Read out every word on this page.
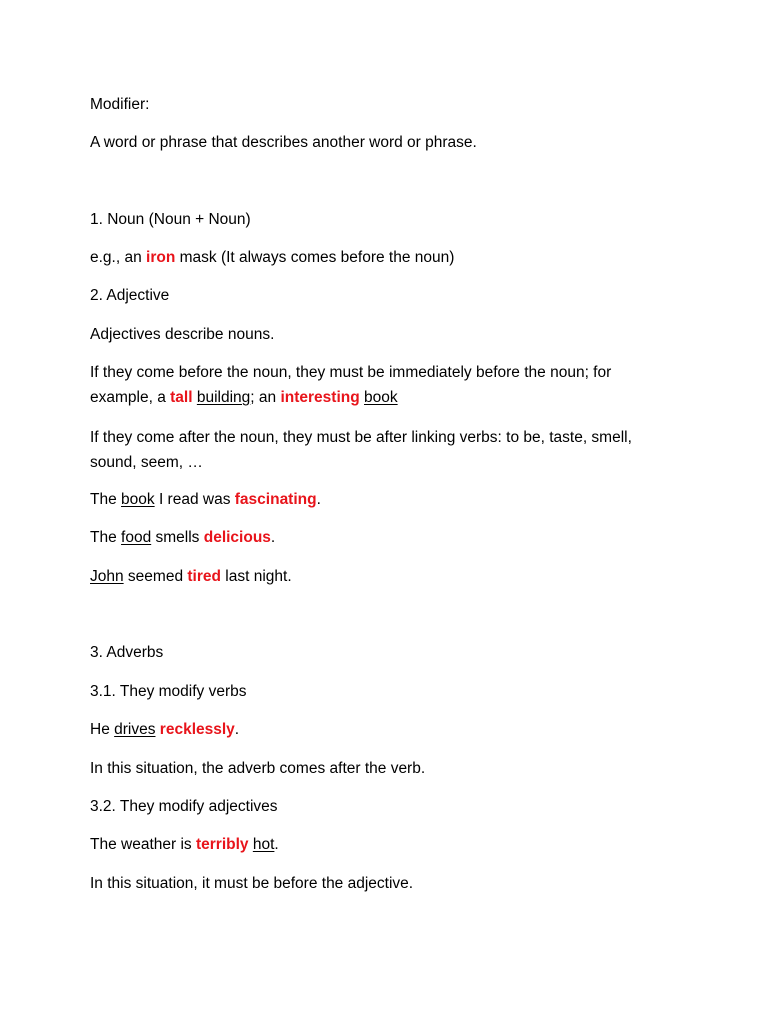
Modifier:

A word or phrase that describes another word or phrase.

1. Noun (Noun + Noun)

e.g., an iron mask (It always comes before the noun)

2. Adjective

Adjectives describe nouns.

If they come before the noun, they must be immediately before the noun; for example, a tall building; an interesting book

If they come after the noun, they must be after linking verbs: to be, taste, smell, sound, seem, …

The book I read was fascinating.

The food smells delicious.

John seemed tired last night.

3. Adverbs

3.1. They modify verbs

He drives recklessly.

In this situation, the adverb comes after the verb.

3.2. They modify adjectives

The weather is terribly hot.

In this situation, it must be before the adjective.
